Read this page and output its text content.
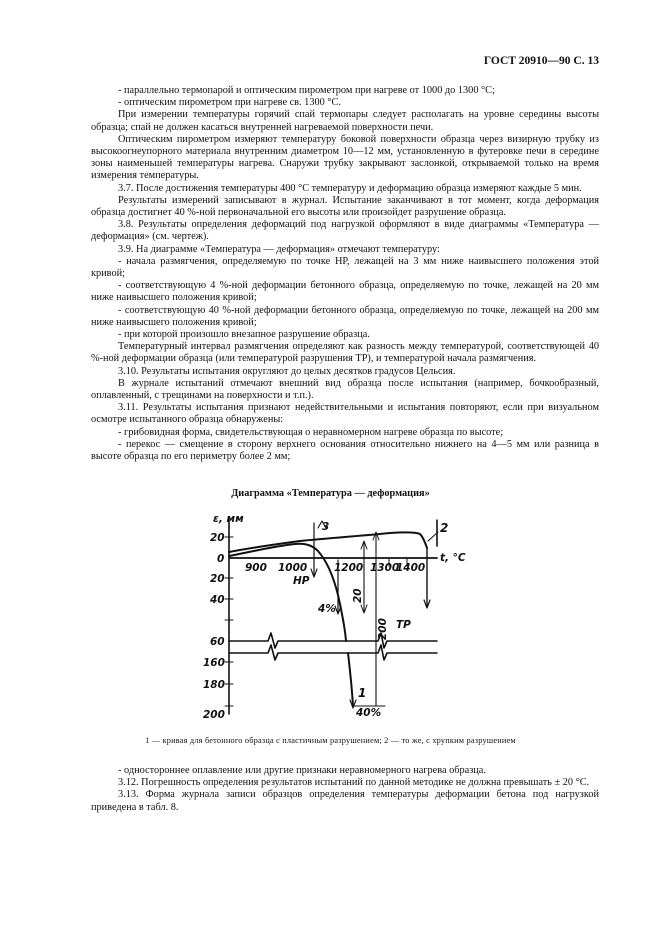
ГОСТ 20910—90 С. 13

- параллельно термопарой и оптическим пирометром при нагреве от 1000 до 1300 °С;

- оптическим пирометром при нагреве св. 1300 °С.

При измерении температуры горячий спай термопары следует располагать на уровне середины высоты образца; спай не должен касаться внутренней нагреваемой поверхности печи.

Оптическим пирометром измеряют температуру боковой поверхности образца через визирную трубку из высокоогнеупорного материала внутренним диаметром 10—12 мм, установленную в футеровке печи в середине зоны наименьшей температуры нагрева. Снаружи трубку закрывают заслонкой, открываемой только на время измерения температуры.

3.7. После достижения температуры 400 °С температуру и деформацию образца измеряют каждые 5 мин.

Результаты измерений записывают в журнал. Испытание заканчивают в тот момент, когда деформация образца достигнет 40 %-ной первоначальной его высоты или произойдет разрушение образца.

3.8. Результаты определения деформаций под нагрузкой оформляют в виде диаграммы «Температура — деформация» (см. чертеж).

3.9. На диаграмме «Температура — деформация» отмечают температуру:

- начала размягчения, определяемую по точке НР, лежащей на 3 мм ниже наивысшего положения этой кривой;

- соответствующую 4 %-ной деформации бетонного образца, определяемую по точке, лежащей на 20 мм ниже наивысшего положения кривой;

- соответствующую 40 %-ной деформации бетонного образца, определяемую по точке, лежащей на 200 мм ниже наивысшего положения кривой;

- при которой произошло внезапное разрушение образца.

Температурный интервал размягчения определяют как разность между температурой, соответствующей 40 %-ной деформации образца (или температурой разрушения ТР), и температурой начала размягчения.

3.10. Результаты испытания округляют до целых десятков градусов Цельсия.

В журнале испытаний отмечают внешний вид образца после испытания (например, бочкообразный, оплавленный, с трещинами на поверхности и т.п.).

3.11. Результаты испытания признают недействительными и испытания повторяют, если при визуальном осмотре испытанного образца обнаружены:

- грибовидная форма, свидетельствующая о неравномерном нагреве образца по высоте;

- перекос — смещение в сторону верхнего основания относительно нижнего на 4—5 мм или разница в высоте образца по его периметру более 2 мм;

Диаграмма «Температура — деформация»
ε, мм
t, °C
20
0
20
40
60
160
180
200
900 1000	1200 1300
1400
НР
4%
20
200 ТР
40%
3
1
2
1 — кривая для бетонного образца с пластичным разрушением; 2 — то же, с хрупким разрушением

- одностороннее оплавление или другие признаки неравномерного нагрева образца.

3.12. Погрешность определения результатов испытаний по данной методике не должна превышать ± 20 °С.

3.13. Форма журнала записи образцов определения температуры деформации бетона под нагрузкой приведена в табл. 8.
